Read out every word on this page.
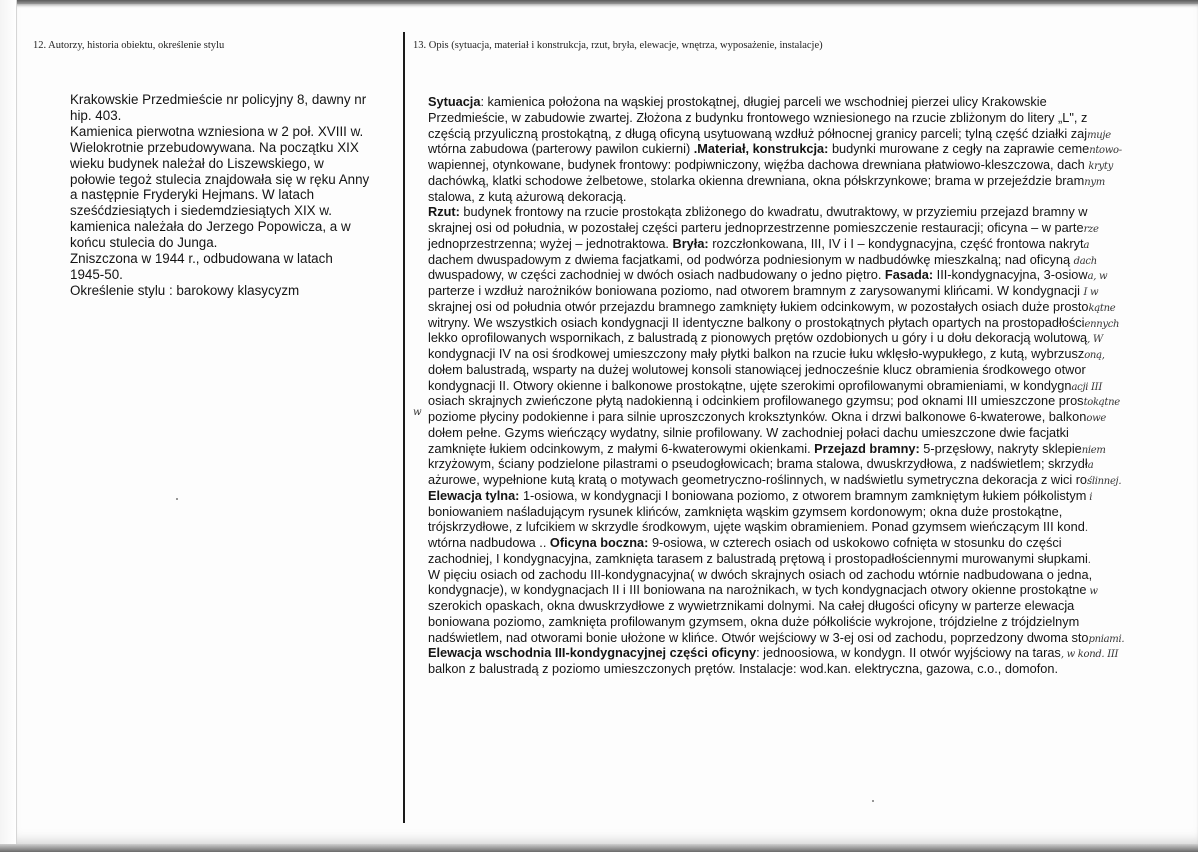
12. Autorzy, historia obiektu, określenie stylu	13. Opis (sytuacja, materiał i konstrukcja, rzut, bryła, elewacje, wnętrza, wyposażenie, instalacje)

Krakowskie Przedmieście nr policyjny 8, dawny nr hip. 403.

Kamienica pierwotna wzniesiona w 2 poł. XVIII w. Wielokrotnie przebudowywana. Na początku XIX wieku budynek należał do Liszewskiego, w połowie tegoż stulecia znajdowała się w ręku Anny a następnie Fryderyki Hejmans. W latach sześćdziesiątych i siedemdziesiątych XIX w. kamienica należała do Jerzego Popowicza, a w końcu stulecia do Junga.

Zniszczona w 1944 r., odbudowana w latach 1945-50.

Określenie stylu : barokowy klasycyzm

Sytuacja: kamienica położona na wąskiej prostokątnej, długiej parceli we wschodniej pierzei ulicy Krakowskie
Przedmieście, w zabudowie zwartej. Złożona z budynku frontowego wzniesionego na rzucie zbliżonym do litery „L", z
częścią przyuliczną prostokątną, z długą oficyną usytuowaną wzdłuż północnej granicy parceli; tylną część działki zajmuje
wtórna zabudowa (parterowy pawilon cukierni) .Materiał, konstrukcja: budynki murowane z cegły na zaprawie cementowo-
wapiennej, otynkowane, budynek frontowy: podpiwniczony, więźba dachowa drewniana płatwiowo-kleszczowa, dach kryty
dachówką, klatki schodowe żelbetowe, stolarka okienna drewniana, okna półskrzynkowe; brama w przejeździe bramnym
stalowa, z kutą ażurową dekoracją.
Rzut: budynek frontowy na rzucie prostokąta zbliżonego do kwadratu, dwutraktowy, w przyziemiu przejazd bramny w
skrajnej osi od południa, w pozostałej części parteru jednoprzestrzenne pomieszczenie restauracji; oficyna – w parterze
jednoprzestrzenna; wyżej – jednotraktowa. Bryła: rozczłonkowana, III, IV i I – kondygnacyjna, część frontowa nakryta
dachem dwuspadowym z dwiema facjatkami, od podwórza podniesionym w nadbudówkę mieszkalną; nad oficyną dach
dwuspadowy, w części zachodniej w dwóch osiach nadbudowany o jedno piętro. Fasada: III-kondygnacyjna, 3-osiowa, w
parterze i wzdłuż narożników boniowana poziomo, nad otworem bramnym z zarysowanymi klińcami. W kondygnacji I w
skrajnej osi od południa otwór przejazdu bramnego zamknięty łukiem odcinkowym, w pozostałych osiach duże prostokątne
witryny. We wszystkich osiach kondygnacji II identyczne balkony o prostokątnych płytach opartych na prostopadłościennych
lekko oprofilowanych wspornikach, z balustradą z pionowych prętów ozdobionych u góry i u dołu dekoracją wolutową, W
kondygnacji IV na osi środkowej umieszczony mały płytki balkon na rzucie łuku wklęsło-wypukłego, z kutą, wybrzuszoną,
dołem balustradą, wsparty na dużej wolutowej konsoli stanowiącej jednocześnie klucz obramienia środkowego otwor
kondygnacji II. Otwory okienne i balkonowe prostokątne, ujęte szerokimi oprofilowanymi obramieniami, w kondygnacji III
osiach skrajnych zwieńczone płytą nadokienną i odcinkiem profilowanego gzymsu; pod oknami III umieszczone prostokątne
poziome płyciny podokienne i para silnie uproszczonych kroksztynków. Okna i drzwi balkonowe 6-kwaterowe, balkonowe
dołem pełne. Gzyms wieńczący wydatny, silnie profilowany. W zachodniej połaci dachu umieszczone dwie facjatki
zamknięte łukiem odcinkowym, z małymi 6-kwaterowymi okienkami. Przejazd bramny: 5-przęsłowy, nakryty sklepieniem
krzyżowym, ściany podzielone pilastrami o pseudogłowicach; brama stalowa, dwuskrzydłowa, z nadświetlem; skrzydła
ażurowe, wypełnione kutą kratą o motywach geometryczno-roślinnych, w nadświetlu symetryczna dekoracja z wici roślinnej.
Elewacja tylna: 1-osiowa, w kondygnacji I boniowana poziomo, z otworem bramnym zamkniętym łukiem półkolistym i
boniowaniem naśladującym rysunek klińców, zamknięta wąskim gzymsem kordonowym; okna duże prostokątne,
trójskrzydłowe, z lufcikiem w skrzydle środkowym, ujęte wąskim obramieniem. Ponad gzymsem wieńczącym III kond.
wtórna nadbudowa .. Oficyna boczna: 9-osiowa, w czterech osiach od uskokowo cofnięta w stosunku do części
zachodniej, I kondygnacyjna, zamknięta tarasem z balustradą prętową i prostopadłościennymi murowanymi słupkami.
W pięciu osiach od zachodu III-kondygnacyjna( w dwóch skrajnych osiach od zachodu wtórnie nadbudowana o jedna,
kondygnacje), w kondygnacjach II i III boniowana na narożnikach, w tych kondygnacjach otwory okienne prostokątne w
szerokich opaskach, okna dwuskrzydłowe z wywietrznikami dolnymi. Na całej długości oficyny w parterze elewacja
boniowana poziomo, zamknięta profilowanym gzymsem, okna duże półkoliście wykrojone, trójdzielne z trójdzielnym
nadświetlem, nad otworami bonie ułożone w klińce. Otwór wejściowy w 3-ej osi od zachodu, poprzedzony dwoma stopniami.
Elewacja wschodnia III-kondygnacyjnej części oficyny: jednoosiowa, w kondygn. II otwór wyjściowy na taras, w kond. III
balkon z balustradą z poziomo umieszczonych prętów. Instalacje: wod.kan. elektryczna, gazowa, c.o., domofon.
w
